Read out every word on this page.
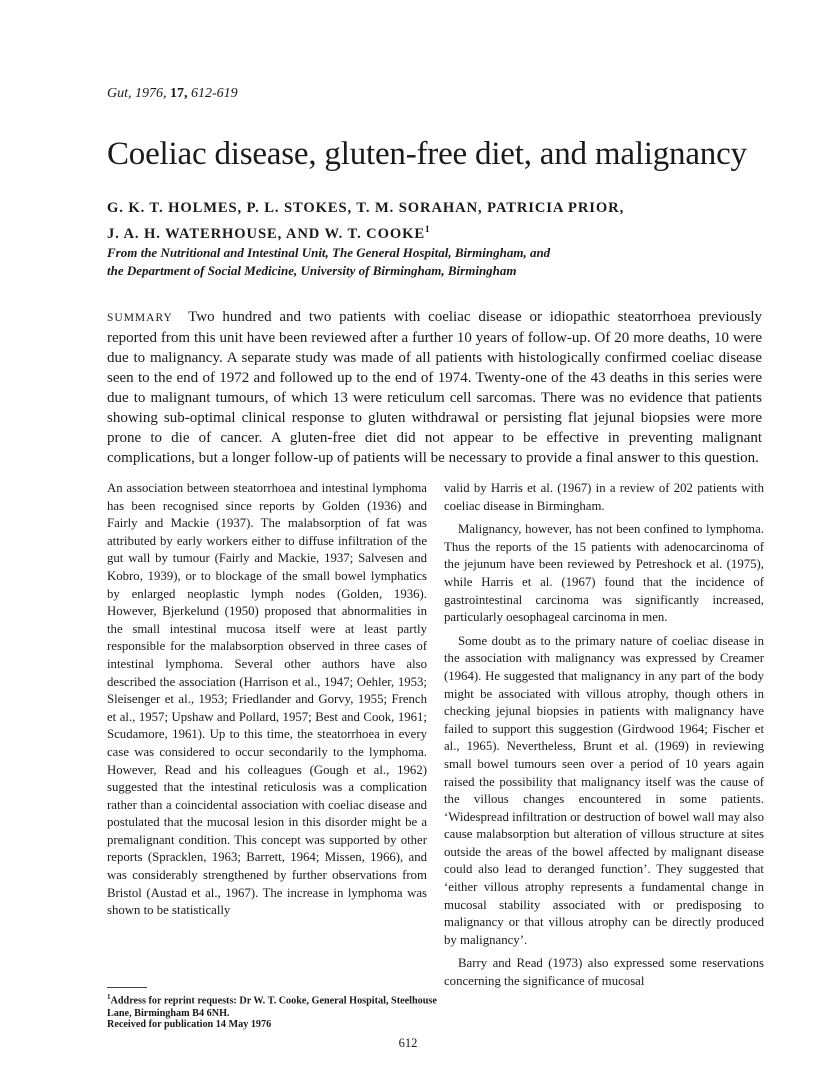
Gut, 1976, 17, 612-619
Coeliac disease, gluten-free diet, and malignancy

G. K. T. HOLMES, P. L. STOKES, T. M. SORAHAN, PATRICIA PRIOR,
J. A. H. WATERHOUSE, AND W. T. COOKE$^1$

From the Nutritional and Intestinal Unit, The General Hospital, Birmingham, and
the Department of Social Medicine, University of Birmingham, Birmingham

SUMMARY Two hundred and two patients with coeliac disease or idiopathic steatorrhoea previously reported from this unit have been reviewed after a further 10 years of follow-up. Of 20 more deaths, 10 were due to malignancy. A separate study was made of all patients with histologically confirmed coeliac disease seen to the end of 1972 and followed up to the end of 1974. Twenty-one of the 43 deaths in this series were due to malignant tumours, of which 13 were reticulum cell sarcomas. There was no evidence that patients showing sub-optimal clinical response to gluten withdrawal or persisting flat jejunal biopsies were more prone to die of cancer. A gluten-free diet did not appear to be effective in preventing malignant complications, but a longer follow-up of patients will be necessary to provide a final answer to this question.

An association between steatorrhoea and intestinal lymphoma has been recognised since reports by Golden (1936) and Fairly and Mackie (1937). The malabsorption of fat was attributed by early workers either to diffuse infiltration of the gut wall by tumour (Fairly and Mackie, 1937; Salvesen and Kobro, 1939), or to blockage of the small bowel lymphatics by enlarged neoplastic lymph nodes (Golden, 1936). However, Bjerkelund (1950) proposed that abnormalities in the small intestinal mucosa itself were at least partly responsible for the malabsorption observed in three cases of intestinal lymphoma. Several other authors have also described the association (Harrison et al., 1947; Oehler, 1953; Sleisenger et al., 1953; Friedlander and Gorvy, 1955; French et al., 1957; Upshaw and Pollard, 1957; Best and Cook, 1961; Scudamore, 1961). Up to this time, the steatorrhoea in every case was considered to occur secondarily to the lymphoma. However, Read and his colleagues (Gough et al., 1962) suggested that the intestinal reticulosis was a complication rather than a coincidental association with coeliac disease and postulated that the mucosal lesion in this disorder might be a premalignant condition. This concept was supported by other reports (Spracklen, 1963; Barrett, 1964; Missen, 1966), and was considerably strengthened by further observations from Bristol (Austad et al., 1967). The increase in lymphoma was shown to be statistically

valid by Harris et al. (1967) in a review of 202 patients with coeliac disease in Birmingham.

Malignancy, however, has not been confined to lymphoma. Thus the reports of the 15 patients with adenocarcinoma of the jejunum have been reviewed by Petreshock et al. (1975), while Harris et al. (1967) found that the incidence of gastrointestinal carcinoma was significantly increased, particularly oesophageal carcinoma in men.

Some doubt as to the primary nature of coeliac disease in the association with malignancy was expressed by Creamer (1964). He suggested that malignancy in any part of the body might be associated with villous atrophy, though others in checking jejunal biopsies in patients with malignancy have failed to support this suggestion (Girdwood 1964; Fischer et al., 1965). Nevertheless, Brunt et al. (1969) in reviewing small bowel tumours seen over a period of 10 years again raised the possibility that malignancy itself was the cause of the villous changes encountered in some patients. ‘Widespread infiltration or destruction of bowel wall may also cause malabsorption but alteration of villous structure at sites outside the areas of the bowel affected by malignant disease could also lead to deranged function’. They suggested that ‘either villous atrophy represents a fundamental change in mucosal stability associated with or predisposing to malignancy or that villous atrophy can be directly produced by malignancy’.

Barry and Read (1973) also expressed some reservations concerning the significance of mucosal

$^1$Address for reprint requests: Dr W. T. Cooke, General Hospital, Steelhouse Lane, Birmingham B4 6NH.

Received for publication 14 May 1976
612
